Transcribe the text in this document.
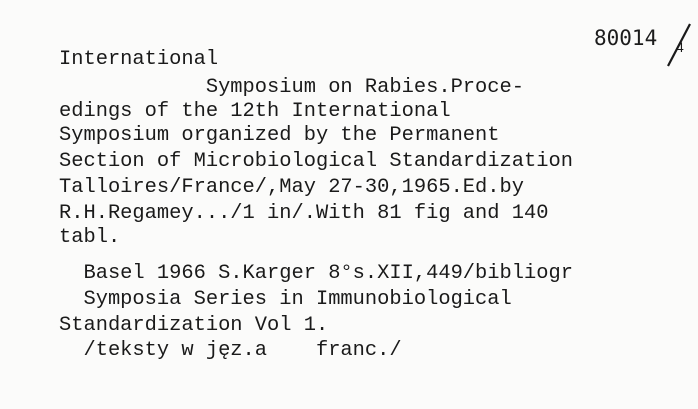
80014 4
International
Symposium on Rabies.Proce-
edings of the 12th International
Symposium organized by the Permanent
Section of Microbiological Standardization
Talloires/France/,May 27-30,1965.Ed.by
R.H.Regamey.../1 in/.With 81 fig and 140
tabl.
Basel 1966 S.Karger 8°s.XII,449/bibliogr
Symposia Series in Immunobiological
Standardization Vol 1.
/teksty w jęz.a    franc./
